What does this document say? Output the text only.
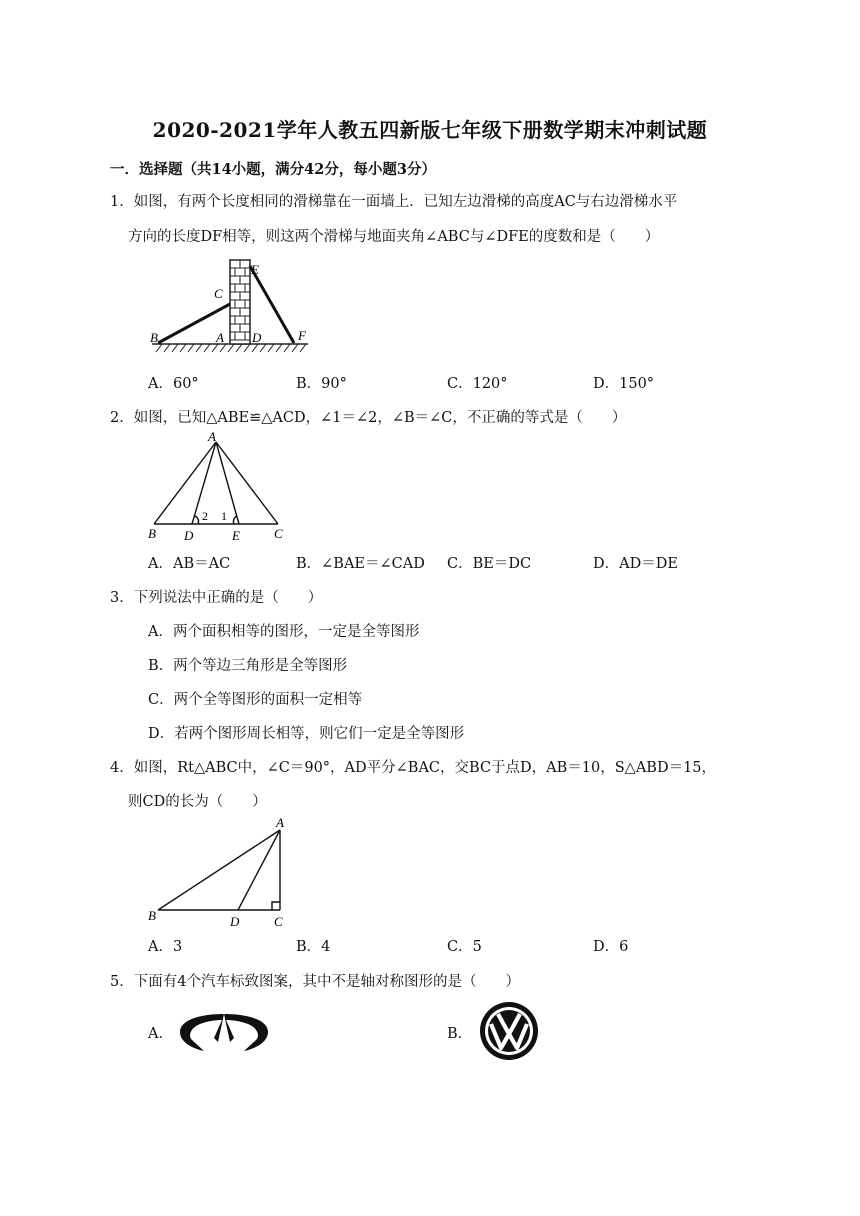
2020-2021学年人教五四新版七年级下册数学期末冲刺试题
一．选择题（共14小题，满分42分，每小题3分）
1．如图，有两个长度相同的滑梯靠在一面墙上．已知左边滑梯的高度AC与右边滑梯水平
方向的长度DF相等，则这两个滑梯与地面夹角∠ABC与∠DFE的度数和是（　　）
B
C
A D
E
F
A．60°	B．90°	C．120°	D．150°
2．如图，已知△ABE≌△ACD，∠1＝∠2，∠B＝∠C，不正确的等式是（　　）
A
B D	E	C
2 1
A．AB＝AC	B．∠BAE＝∠CAD C．BE＝DC	D．AD＝DE
3．下列说法中正确的是（　　）
A．两个面积相等的图形，一定是全等图形
B．两个等边三角形是全等图形
C．两个全等图形的面积一定相等
D．若两个图形周长相等，则它们一定是全等图形
4．如图，Rt△ABC中，∠C＝90°，AD平分∠BAC，交BC于点D，AB＝10，S△ABD＝15，
则CD的长为（　　）
A
B	D	C
A．3	B．4	C．5	D．6
5．下面有4个汽车标致图案，其中不是轴对称图形的是（　　）
A．	B．
